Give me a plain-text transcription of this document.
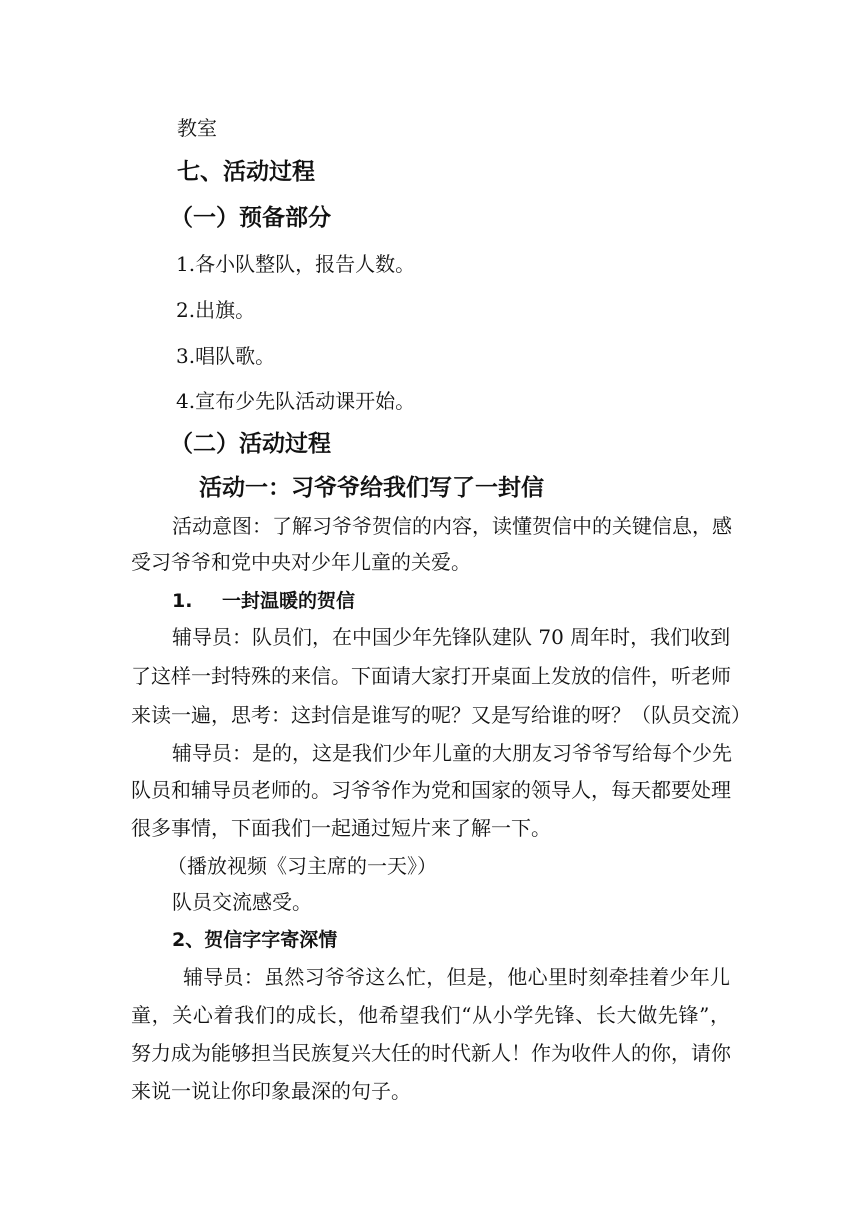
教室

七、活动过程

（一）预备部分

1.各小队整队，报告人数。

2.出旗。

3.唱队歌。

4.宣布少先队活动课开始。

（二）活动过程

活动一：习爷爷给我们写了一封信

活动意图：了解习爷爷贺信的内容，读懂贺信中的关键信息，感

受习爷爷和党中央对少年儿童的关爱。

1. 一封温暖的贺信

辅导员：队员们，在中国少年先锋队建队 70 周年时，我们收到

了这样一封特殊的来信。下面请大家打开桌面上发放的信件，听老师

来读一遍，思考：这封信是谁写的呢？又是写给谁的呀？（队员交流）

辅导员：是的，这是我们少年儿童的大朋友习爷爷写给每个少先

队员和辅导员老师的。习爷爷作为党和国家的领导人，每天都要处理

很多事情，下面我们一起通过短片来了解一下。

（播放视频《习主席的一天》）

队员交流感受。

2、贺信字字寄深情

辅导员：虽然习爷爷这么忙，但是，他心里时刻牵挂着少年儿

童，关心着我们的成长，他希望我们“从小学先锋、长大做先锋”，

努力成为能够担当民族复兴大任的时代新人！作为收件人的你，请你

来说一说让你印象最深的句子。
